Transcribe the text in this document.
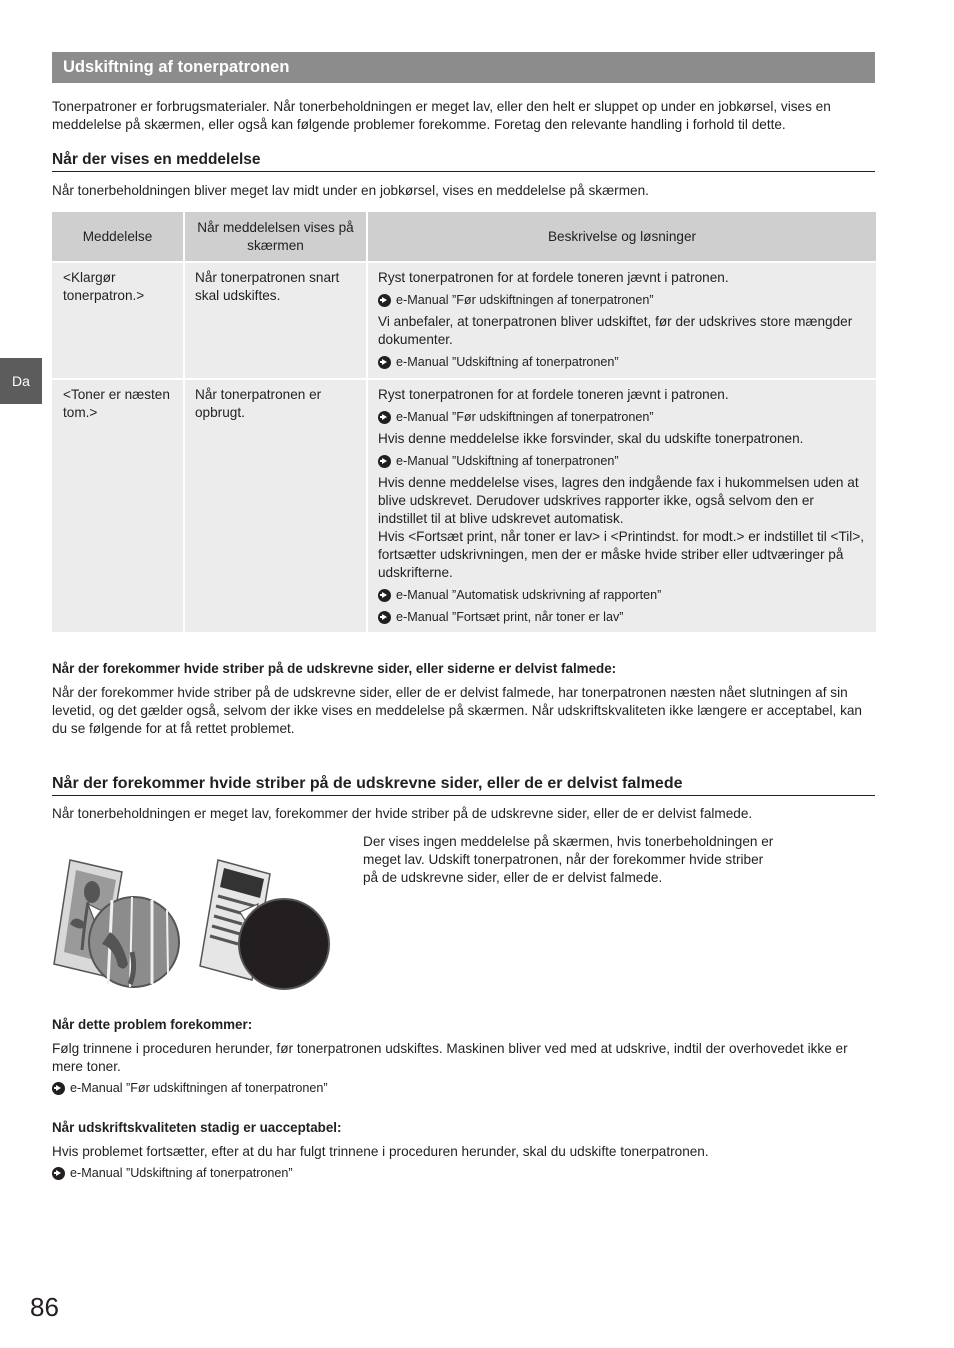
Udskiftning af tonerpatronen
Tonerpatroner er forbrugsmaterialer. Når tonerbeholdningen er meget lav, eller den helt er sluppet op under en jobkørsel, vises en meddelelse på skærmen, eller også kan følgende problemer forekomme. Foretag den relevante handling i forhold til dette.
Da
Når der vises en meddelelse
Når tonerbeholdningen bliver meget lav midt under en jobkørsel, vises en meddelelse på skærmen.
Meddelelse
Når meddelelsen vises på skærmen
Beskrivelse og løsninger
<Klargør tonerpatron.>
Når tonerpatronen snart skal udskiftes.

Ryst tonerpatronen for at fordele toneren jævnt i patronen.

e-Manual ”Før udskiftningen af tonerpatronen”

Vi anbefaler, at tonerpatronen bliver udskiftet, før der udskrives store mængder dokumenter.

e-Manual ”Udskiftning af tonerpatronen”
<Toner er næsten tom.>
Når tonerpatronen er opbrugt.

Ryst tonerpatronen for at fordele toneren jævnt i patronen.

e-Manual ”Før udskiftningen af tonerpatronen”

Hvis denne meddelelse ikke forsvinder, skal du udskifte tonerpatronen.

e-Manual ”Udskiftning af tonerpatronen”

Hvis denne meddelelse vises, lagres den indgående fax i hukommelsen uden at blive udskrevet. Derudover udskrives rapporter ikke, også selvom den er indstillet til at blive udskrevet automatisk.

Hvis <Fortsæt print, når toner er lav> i <Printindst. for modt.> er indstillet til <Til>, fortsætter udskrivningen, men der er måske hvide striber eller udtværinger på udskrifterne.

e-Manual ”Automatisk udskrivning af rapporten”
e-Manual ”Fortsæt print, når toner er lav”
Når der forekommer hvide striber på de udskrevne sider, eller siderne er delvist falmede:
Når der forekommer hvide striber på de udskrevne sider, eller de er delvist falmede, har tonerpatronen næsten nået slutningen af sin levetid, og det gælder også, selvom der ikke vises en meddelelse på skærmen. Når udskriftskvaliteten ikke længere er acceptabel, kan du se følgende for at få rettet problemet.
Når der forekommer hvide striber på de udskrevne sider, eller de er delvist falmede
Når tonerbeholdningen er meget lav, forekommer der hvide striber på de udskrevne sider, eller de er delvist falmede.
Der vises ingen meddelelse på skærmen, hvis tonerbeholdningen er meget lav. Udskift tonerpatronen, når der forekommer hvide striber på de udskrevne sider, eller de er delvist falmede.
Når dette problem forekommer:
Følg trinnene i proceduren herunder, før tonerpatronen udskiftes. Maskinen bliver ved med at udskrive, indtil der overhovedet ikke er mere toner.
e-Manual ”Før udskiftningen af tonerpatronen”
Når udskriftskvaliteten stadig er uacceptabel:
Hvis problemet fortsætter, efter at du har fulgt trinnene i proceduren herunder, skal du udskifte tonerpatronen.
e-Manual ”Udskiftning af tonerpatronen”
86
